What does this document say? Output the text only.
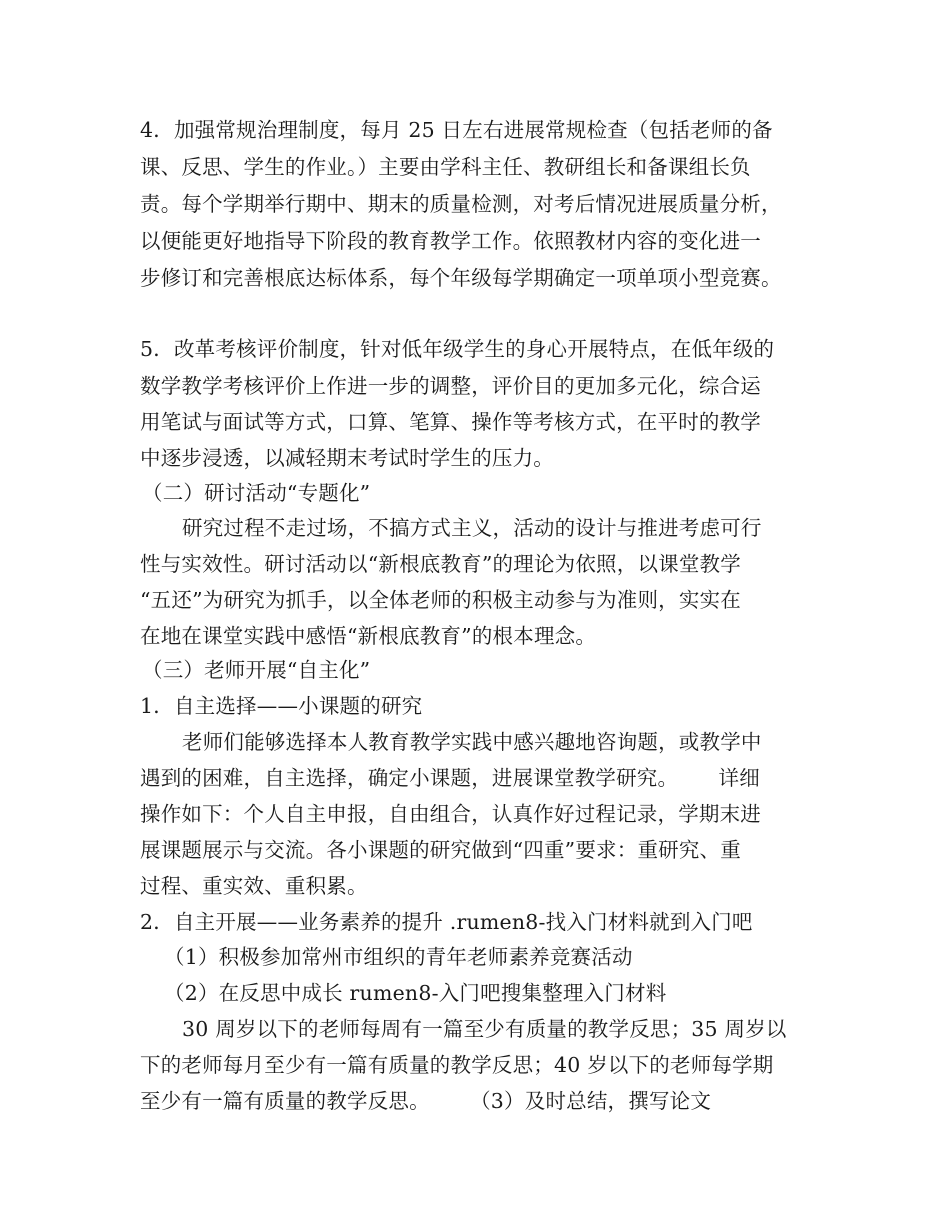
4．加强常规治理制度，每月 25 日左右进展常规检查（包括老师的备
课、反思、学生的作业。）主要由学科主任、教研组长和备课组长负
责。每个学期举行期中、期末的质量检测，对考后情况进展质量分析，
以便能更好地指导下阶段的教育教学工作。依照教材内容的变化进一
步修订和完善根底达标体系，每个年级每学期确定一项单项小型竞赛。
5．改革考核评价制度，针对低年级学生的身心开展特点，在低年级的
数学教学考核评价上作进一步的调整，评价目的更加多元化，综合运
用笔试与面试等方式，口算、笔算、操作等考核方式，在平时的教学
中逐步浸透，以减轻期末考试时学生的压力。
（二）研讨活动“专题化”
研究过程不走过场，不搞方式主义，活动的设计与推进考虑可行
性与实效性。研讨活动以“新根底教育”的理论为依照，以课堂教学
“五还”为研究为抓手，以全体老师的积极主动参与为准则，实实在
在地在课堂实践中感悟“新根底教育”的根本理念。
（三）老师开展“自主化”
1．自主选择——小课题的研究
老师们能够选择本人教育教学实践中感兴趣地咨询题，或教学中
遇到的困难，自主选择，确定小课题，进展课堂教学研究。      详细
操作如下：个人自主申报，自由组合，认真作好过程记录，学期末进
展课题展示与交流。各小课题的研究做到“四重”要求：重研究、重
过程、重实效、重积累。
2．自主开展——业务素养的提升 .rumen8-找入门材料就到入门吧
（1）积极参加常州市组织的青年老师素养竞赛活动
（2）在反思中成长 rumen8-入门吧搜集整理入门材料
30 周岁以下的老师每周有一篇至少有质量的教学反思；35 周岁以
下的老师每月至少有一篇有质量的教学反思；40 岁以下的老师每学期
至少有一篇有质量的教学反思。      （3）及时总结，撰写论文
